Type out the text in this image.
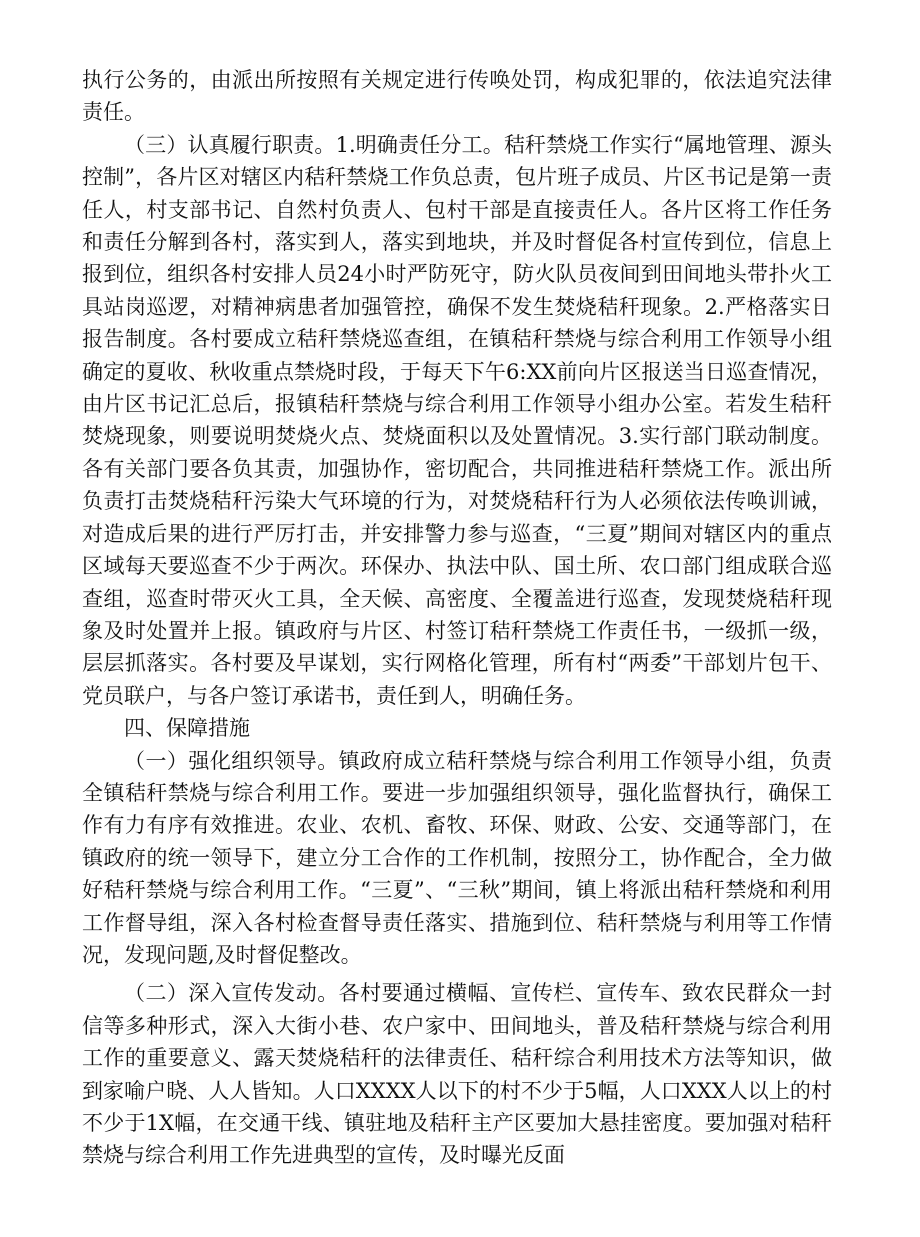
执行公务的，由派出所按照有关规定进行传唤处罚，构成犯罪的，依法追究法律责任。

（三）认真履行职责。1.明确责任分工。秸秆禁烧工作实行“属地管理、源头控制”，各片区对辖区内秸秆禁烧工作负总责，包片班子成员、片区书记是第一责任人，村支部书记、自然村负责人、包村干部是直接责任人。各片区将工作任务和责任分解到各村，落实到人，落实到地块，并及时督促各村宣传到位，信息上报到位，组织各村安排人员24小时严防死守，防火队员夜间到田间地头带扑火工具站岗巡逻，对精神病患者加强管控，确保不发生焚烧秸秆现象。2.严格落实日报告制度。各村要成立秸秆禁烧巡查组，在镇秸秆禁烧与综合利用工作领导小组确定的夏收、秋收重点禁烧时段，于每天下午6:XX前向片区报送当日巡查情况，由片区书记汇总后，报镇秸秆禁烧与综合利用工作领导小组办公室。若发生秸秆焚烧现象，则要说明焚烧火点、焚烧面积以及处置情况。3.实行部门联动制度。各有关部门要各负其责，加强协作，密切配合，共同推进秸秆禁烧工作。派出所负责打击焚烧秸秆污染大气环境的行为，对焚烧秸秆行为人必须依法传唤训诫，对造成后果的进行严厉打击，并安排警力参与巡查，“三夏”期间对辖区内的重点区域每天要巡查不少于两次。环保办、执法中队、国土所、农口部门组成联合巡查组，巡查时带灭火工具，全天候、高密度、全覆盖进行巡查，发现焚烧秸秆现象及时处置并上报。镇政府与片区、村签订秸秆禁烧工作责任书，一级抓一级，层层抓落实。各村要及早谋划，实行网格化管理，所有村“两委”干部划片包干、党员联户，与各户签订承诺书，责任到人，明确任务。

四、保障措施

（一）强化组织领导。镇政府成立秸秆禁烧与综合利用工作领导小组，负责全镇秸秆禁烧与综合利用工作。要进一步加强组织领导，强化监督执行，确保工作有力有序有效推进。农业、农机、畜牧、环保、财政、公安、交通等部门，在镇政府的统一领导下，建立分工合作的工作机制，按照分工，协作配合，全力做好秸秆禁烧与综合利用工作。“三夏”、“三秋”期间，镇上将派出秸秆禁烧和利用工作督导组，深入各村检查督导责任落实、措施到位、秸秆禁烧与利用等工作情况，发现问题,及时督促整改。

（二）深入宣传发动。各村要通过横幅、宣传栏、宣传车、致农民群众一封信等多种形式，深入大街小巷、农户家中、田间地头，普及秸秆禁烧与综合利用工作的重要意义、露天焚烧秸秆的法律责任、秸秆综合利用技术方法等知识，做到家喻户晓、人人皆知。人口XXXX人以下的村不少于5幅，人口XXX人以上的村不少于1X幅，在交通干线、镇驻地及秸秆主产区要加大悬挂密度。要加强对秸秆禁烧与综合利用工作先进典型的宣传，及时曝光反面
